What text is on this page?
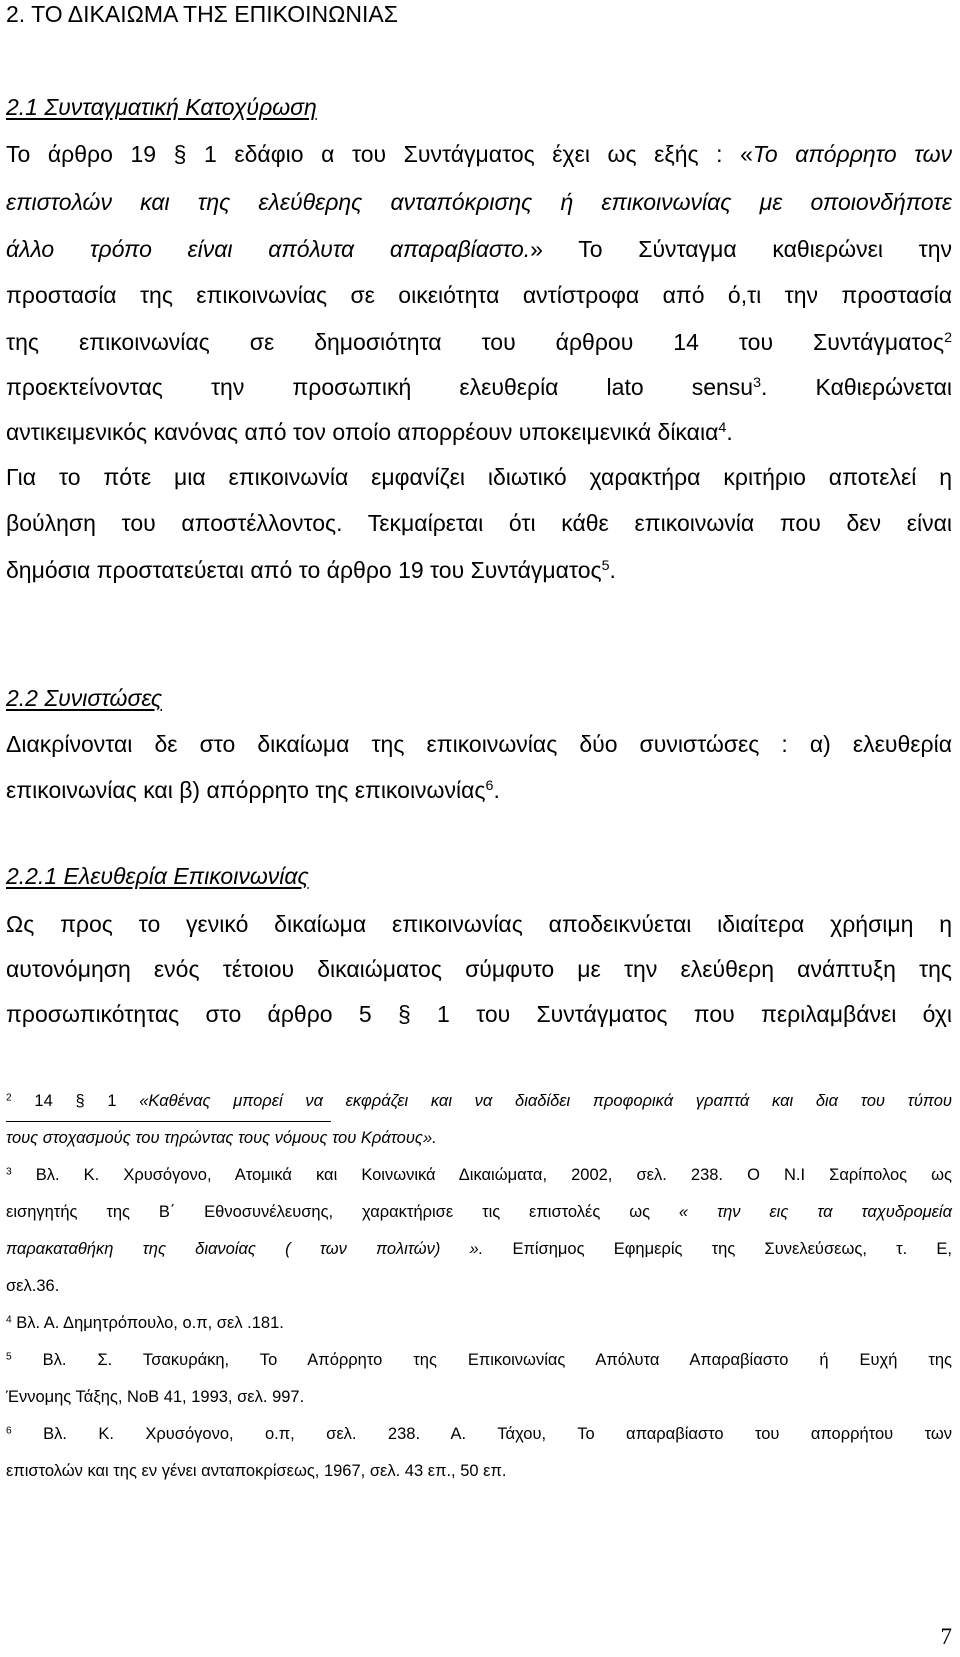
2. ΤΟ ΔΙΚΑΙΩΜΑ ΤΗΣ ΕΠΙΚΟΙΝΩΝΙΑΣ
2.1 Συνταγματική Κατοχύρωση
Το άρθρο 19 § 1 εδάφιο α του Συντάγματος έχει ως εξής : «Το απόρρητο των
επιστολών και της ελεύθερης ανταπόκρισης ή επικοινωνίας με οποιονδήποτε
άλλο τρόπο είναι απόλυτα απαραβίαστο.» Το Σύνταγμα καθιερώνει την
προστασία της επικοινωνίας σε οικειότητα αντίστροφα από ό,τι την προστασία
της επικοινωνίας σε δημοσιότητα του άρθρου 14 του Συντάγματος$^2$
προεκτείνοντας την προσωπική ελευθερία lato sensu$^3$. Καθιερώνεται
αντικειμενικός κανόνας από τον οποίο απορρέουν υποκειμενικά δίκαια$^4$.
Για το πότε μια επικοινωνία εμφανίζει ιδιωτικό χαρακτήρα κριτήριο αποτελεί η
βούληση του αποστέλλοντος. Τεκμαίρεται ότι κάθε επικοινωνία που δεν είναι
δημόσια προστατεύεται από το άρθρο 19 του Συντάγματος$^5$.
2.2 Συνιστώσες
Διακρίνονται δε στο δικαίωμα της επικοινωνίας δύο συνιστώσες : α) ελευθερία
επικοινωνίας και β) απόρρητο της επικοινωνίας$^6$.
2.2.1 Ελευθερία Επικοινωνίας
Ως προς το γενικό δικαίωμα επικοινωνίας αποδεικνύεται ιδιαίτερα χρήσιμη η
αυτονόμηση ενός τέτοιου δικαιώματος σύμφυτο με την ελεύθερη ανάπτυξη της
προσωπικότητας στο άρθρο 5 § 1 του Συντάγματος που περιλαμβάνει όχι
$^2$ 14 § 1 «Καθένας μπορεί να εκφράζει και να διαδίδει προφορικά γραπτά και δια του τύπου
τους στοχασμούς του τηρώντας τους νόμους του Κράτους».
$^3$ Βλ. Κ. Χρυσόγονο, Ατομικά και Κοινωνικά Δικαιώματα, 2002, σελ. 238. Ο Ν.Ι Σαρίπολος ως
εισηγητής της Β΄ Εθνοσυνέλευσης, χαρακτήρισε τις επιστολές ως « την εις τα ταχυδρομεία
παρακαταθήκη της διανοίας ( των πολιτών) ». Επίσημος Εφημερίς της Συνελεύσεως, τ. Ε,
σελ.36.
$^4$ Βλ. Α. Δημητρόπουλο, ο.π, σελ .181.
$^5$ Βλ. Σ. Τσακυράκη, Το Απόρρητο της Επικοινωνίας Απόλυτα Απαραβίαστο ή Ευχή της
Έννομης Τάξης, ΝοΒ 41, 1993, σελ. 997.
$^6$ Βλ. Κ. Χρυσόγονο, ο.π, σελ. 238. Α. Τάχου, Το απαραβίαστο του απορρήτου των
επιστολών και της εν γένει ανταποκρίσεως, 1967, σελ. 43 επ., 50 επ.
7
